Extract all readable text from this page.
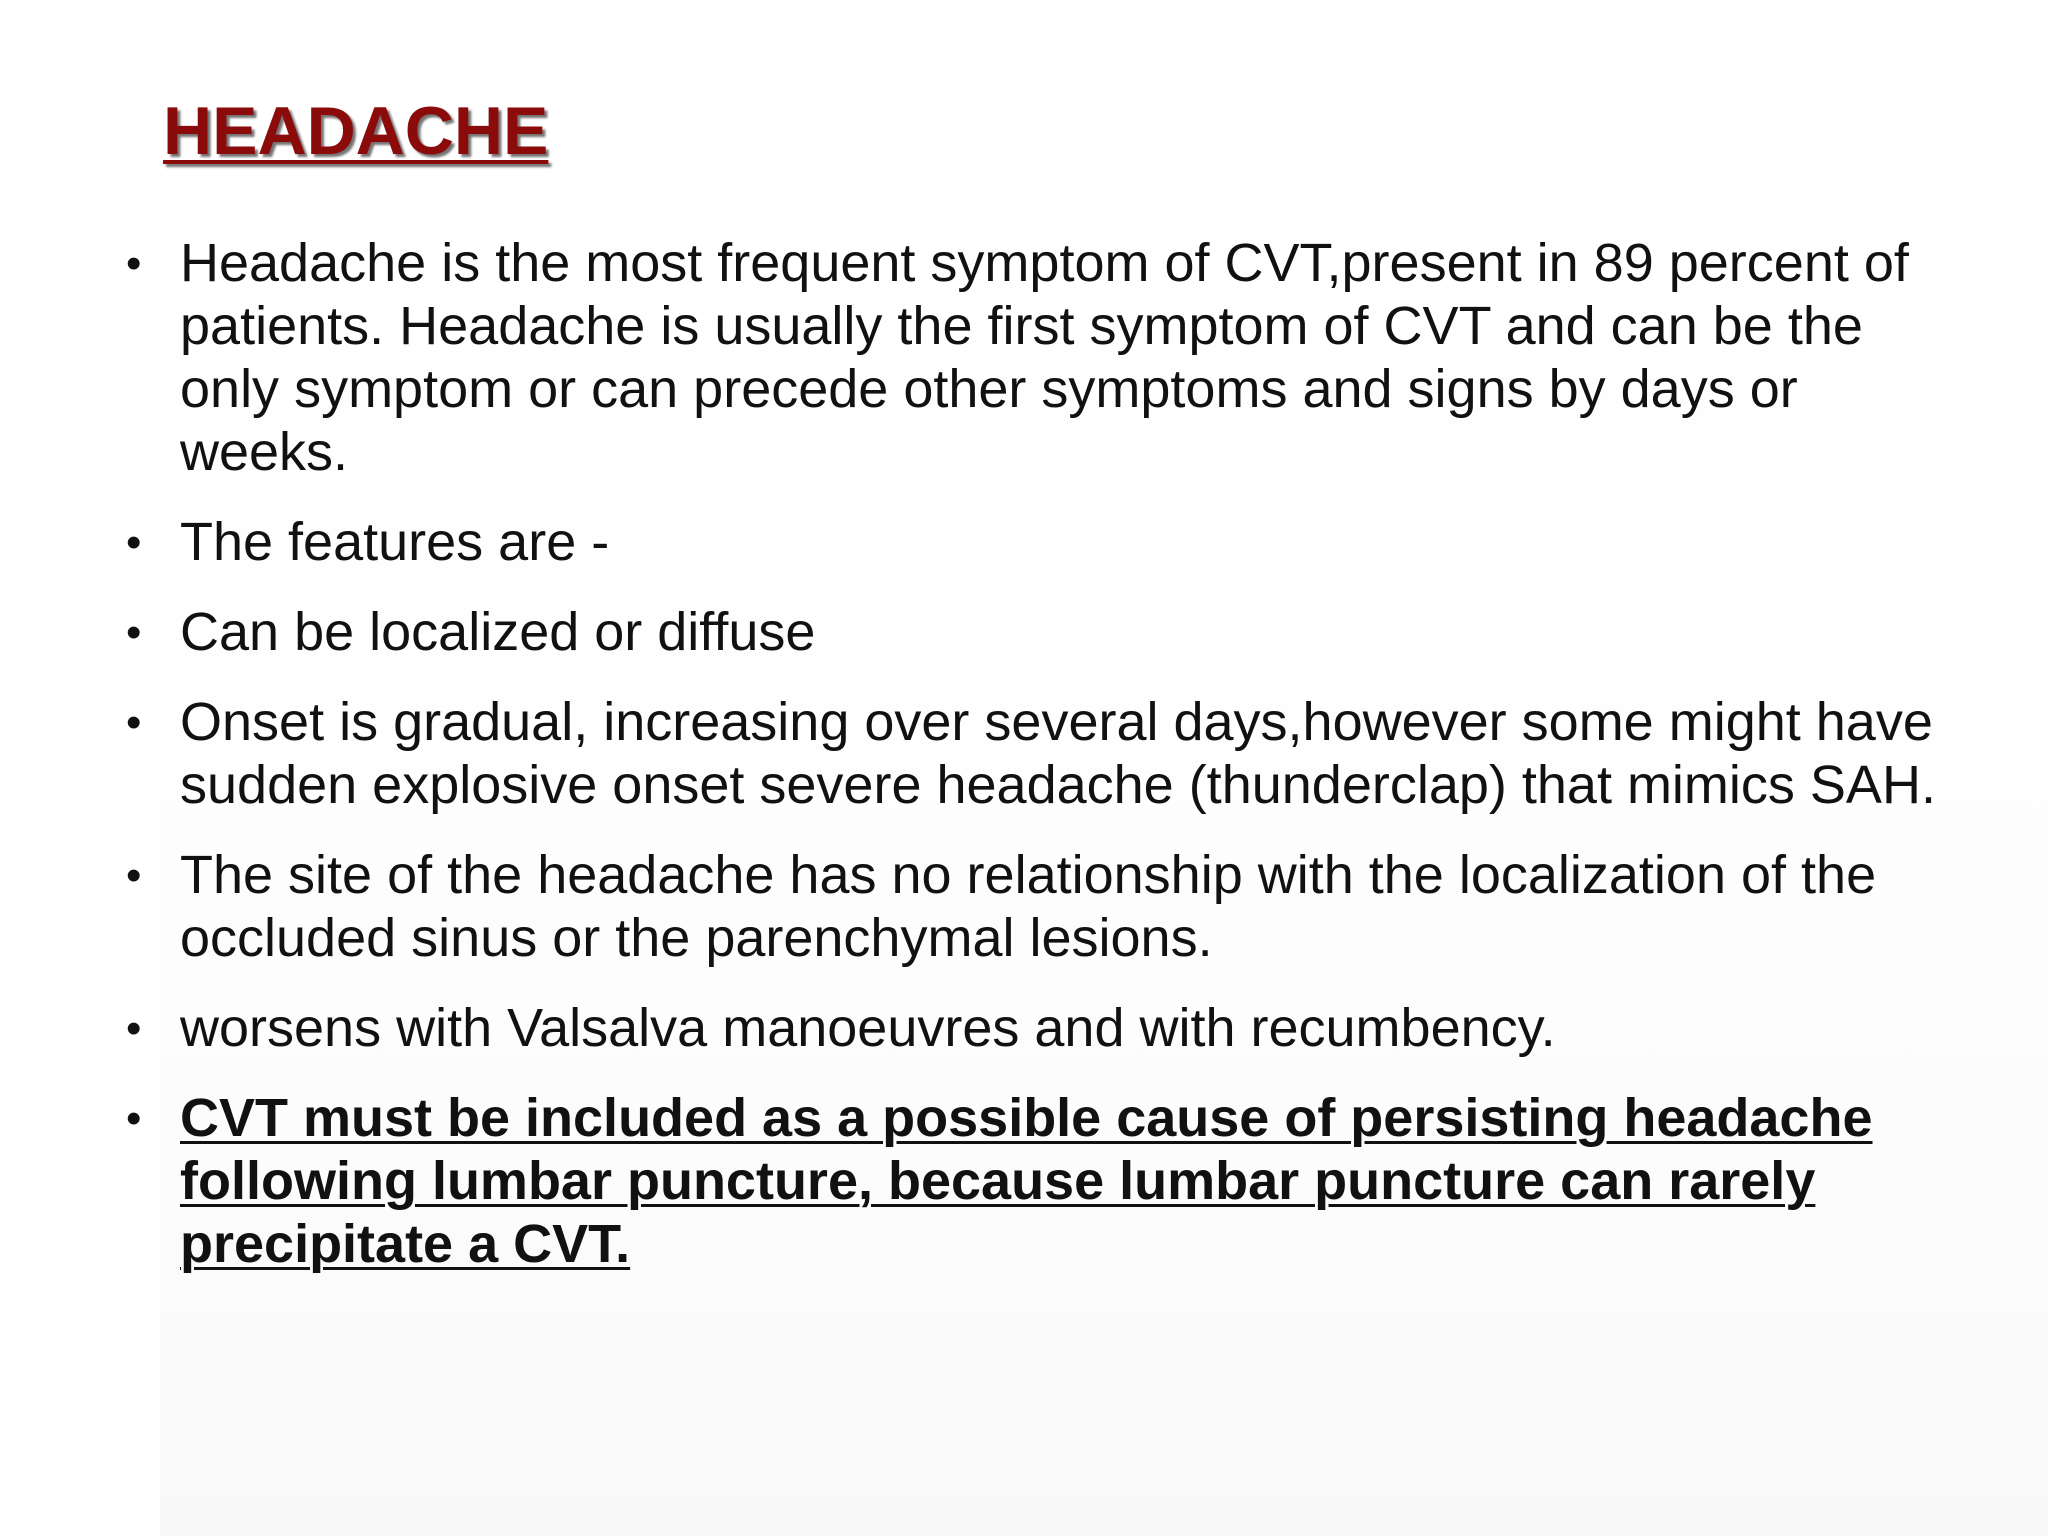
HEADACHE
• Headache is the most frequent symptom of CVT,present in 89 percent of patients. Headache is usually the first symptom of CVT and can be the only symptom or can precede other symptoms and signs by days or weeks.
• The features are -
• Can be localized or diffuse
• Onset is gradual, increasing over several days,however some might have sudden explosive onset severe headache (thunderclap) that mimics SAH.
• The site of the headache has no relationship with the localization of the occluded sinus or the parenchymal lesions.
• worsens with Valsalva manoeuvres and with recumbency.
• CVT must be included as a possible cause of persisting headache following lumbar puncture, because lumbar puncture can rarely precipitate a CVT.
